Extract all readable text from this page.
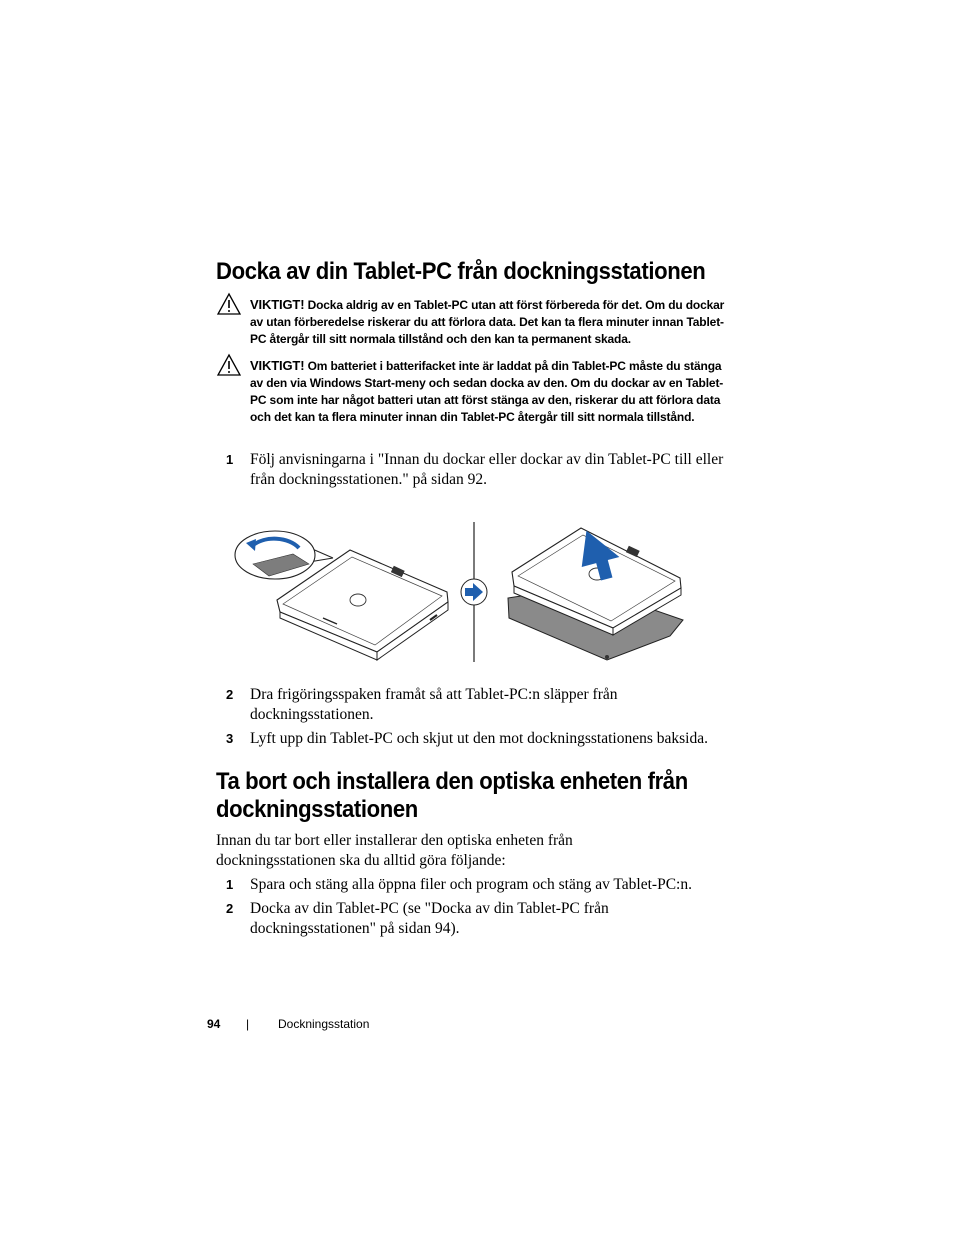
Docka av din Tablet-PC från dockningsstationen
VIKTIGT! Docka aldrig av en Tablet-PC utan att först förbereda för det. Om du dockar av utan förberedelse riskerar du att förlora data. Det kan ta flera minuter innan Tablet-PC återgår till sitt normala tillstånd och den kan ta permanent skada.
VIKTIGT! Om batteriet i batterifacket inte är laddat på din Tablet-PC måste du stänga av den via Windows Start-meny och sedan docka av den. Om du dockar av en Tablet-PC som inte har något batteri utan att först stänga av den, riskerar du att förlora data och det kan ta flera minuter innan din Tablet-PC återgår till sitt normala tillstånd.
1 Följ anvisningarna i "Innan du dockar eller dockar av din Tablet-PC till eller från dockningsstationen." på sidan 92.
2 Dra frigöringsspaken framåt så att Tablet-PC:n släpper från dockningsstationen.
3 Lyft upp din Tablet-PC och skjut ut den mot dockningsstationens baksida.
Ta bort och installera den optiska enheten från
dockningsstationen
Innan du tar bort eller installerar den optiska enheten från dockningsstationen ska du alltid göra följande:
1 Spara och stäng alla öppna filer och program och stäng av Tablet-PC:n.
2 Docka av din Tablet-PC (se "Docka av din Tablet-PC från dockningsstationen" på sidan 94).
94 | Dockningsstation
